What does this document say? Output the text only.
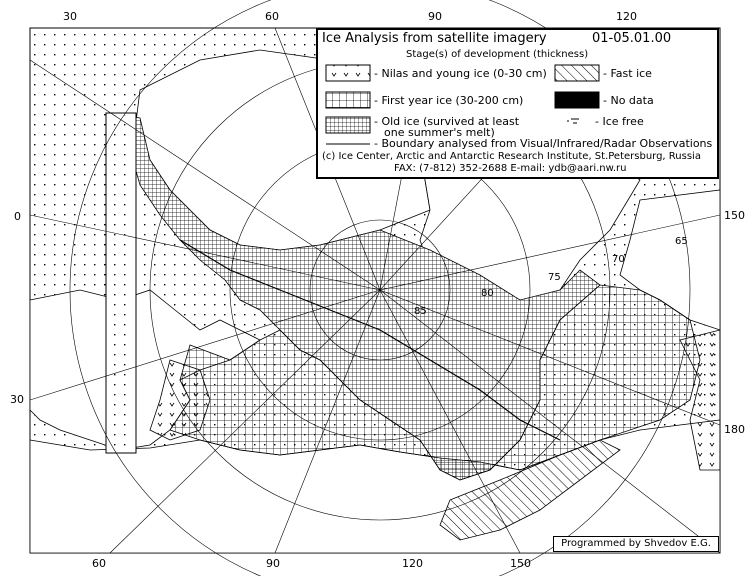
30	60	90	120
60	90	120	150
0
30
150
180
65
70
75
80
85
Ice Analysis from satellite imagery	01-05.01.00
Stage(s) of development (thickness)
- Nilas and young ice (0-30 cm)	- Fast ice
- First year ice (30-200 cm)	- No data
- Old ice (survived at least
one summer's melt)
- Ice free
- Boundary analysed from Visual/Infrared/Radar Observations
(c) Ice Center, Arctic and Antarctic Research Institute, St.Petersburg, Russia
FAX: (7-812) 352-2688 E-mail: ydb@aari.nw.ru
Programmed by Shvedov E.G.
